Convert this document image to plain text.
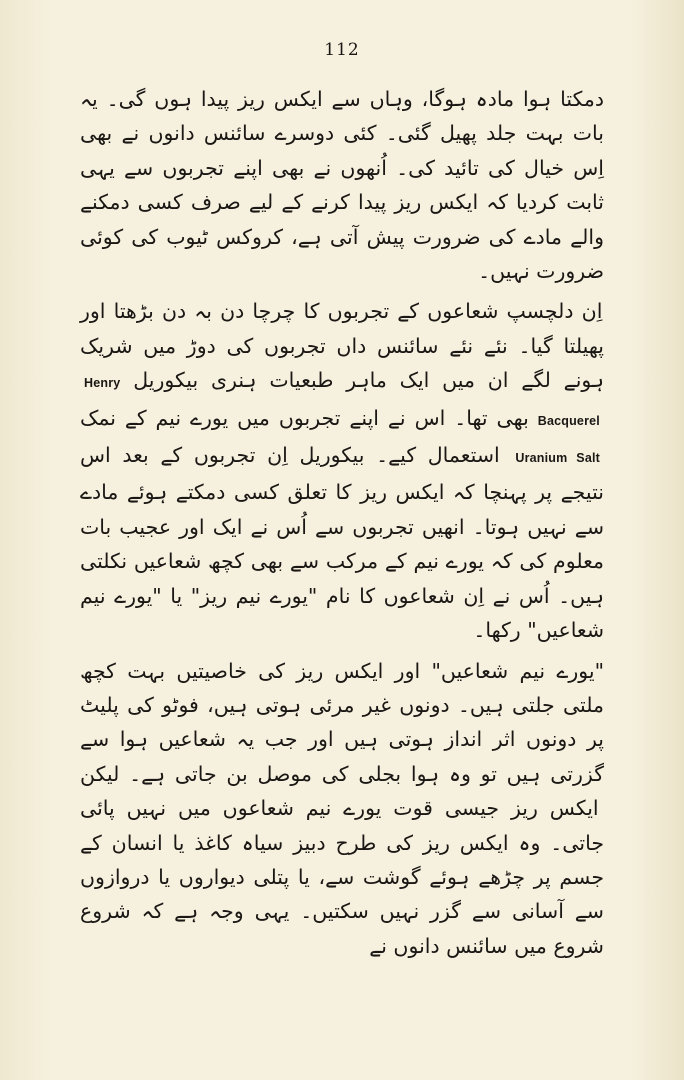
112

دمکتا ہوا مادہ ہوگا، وہاں سے ایکس ریز پیدا ہوں گی۔ یہ بات بہت جلد پھیل گئی۔ کئی دوسرے سائنس دانوں نے بھی اِس خیال کی تائید کی۔ اُنھوں نے بھی اپنے تجربوں سے یہی ثابت کردیا کہ ایکس ریز پیدا کرنے کے لیے صرف کسی دمکنے والے مادے کی ضرورت پیش آتی ہے، کروکس ٹیوب کی کوئی ضرورت نہیں۔

اِن دلچسپ شعاعوں کے تجربوں کا چرچا دن بہ دن بڑھتا اور پھیلتا گیا۔ نئے نئے سائنس داں تجربوں کی دوڑ میں شریک ہونے لگے ان میں ایک ماہر طبعیات ہنری بیکوریل Henry Bacquerel بھی تھا۔ اس نے اپنے تجربوں میں یورے نیم کے نمک Uranium Salt استعمال کیے۔ بیکوریل اِن تجربوں کے بعد اس نتیجے پر پہنچا کہ ایکس ریز کا تعلق کسی دمکتے ہوئے مادے سے نہیں ہوتا۔ انھیں تجربوں سے اُس نے ایک اور عجیب بات معلوم کی کہ یورے نیم کے مرکب سے بھی کچھ شعاعیں نکلتی ہیں۔ اُس نے اِن شعاعوں کا نام "یورے نیم ریز" یا "یورے نیم شعاعیں" رکھا۔

"یورے نیم شعاعیں" اور ایکس ریز کی خاصیتیں بہت کچھ ملتی جلتی ہیں۔ دونوں غیر مرئی ہوتی ہیں، فوٹو کی پلیٹ پر دونوں اثر انداز ہوتی ہیں اور جب یہ شعاعیں ہوا سے گزرتی ہیں تو وہ ہوا بجلی کی موصل بن جاتی ہے۔ لیکن ایکس ریز جیسی قوت یورے نیم شعاعوں میں نہیں پائی جاتی۔ وہ ایکس ریز کی طرح دبیز سیاہ کاغذ یا انسان کے جسم پر چڑھے ہوئے گوشت سے، یا پتلی دیواروں یا دروازوں سے آسانی سے گزر نہیں سکتیں۔ یہی وجہ ہے کہ شروع شروع میں سائنس دانوں نے
